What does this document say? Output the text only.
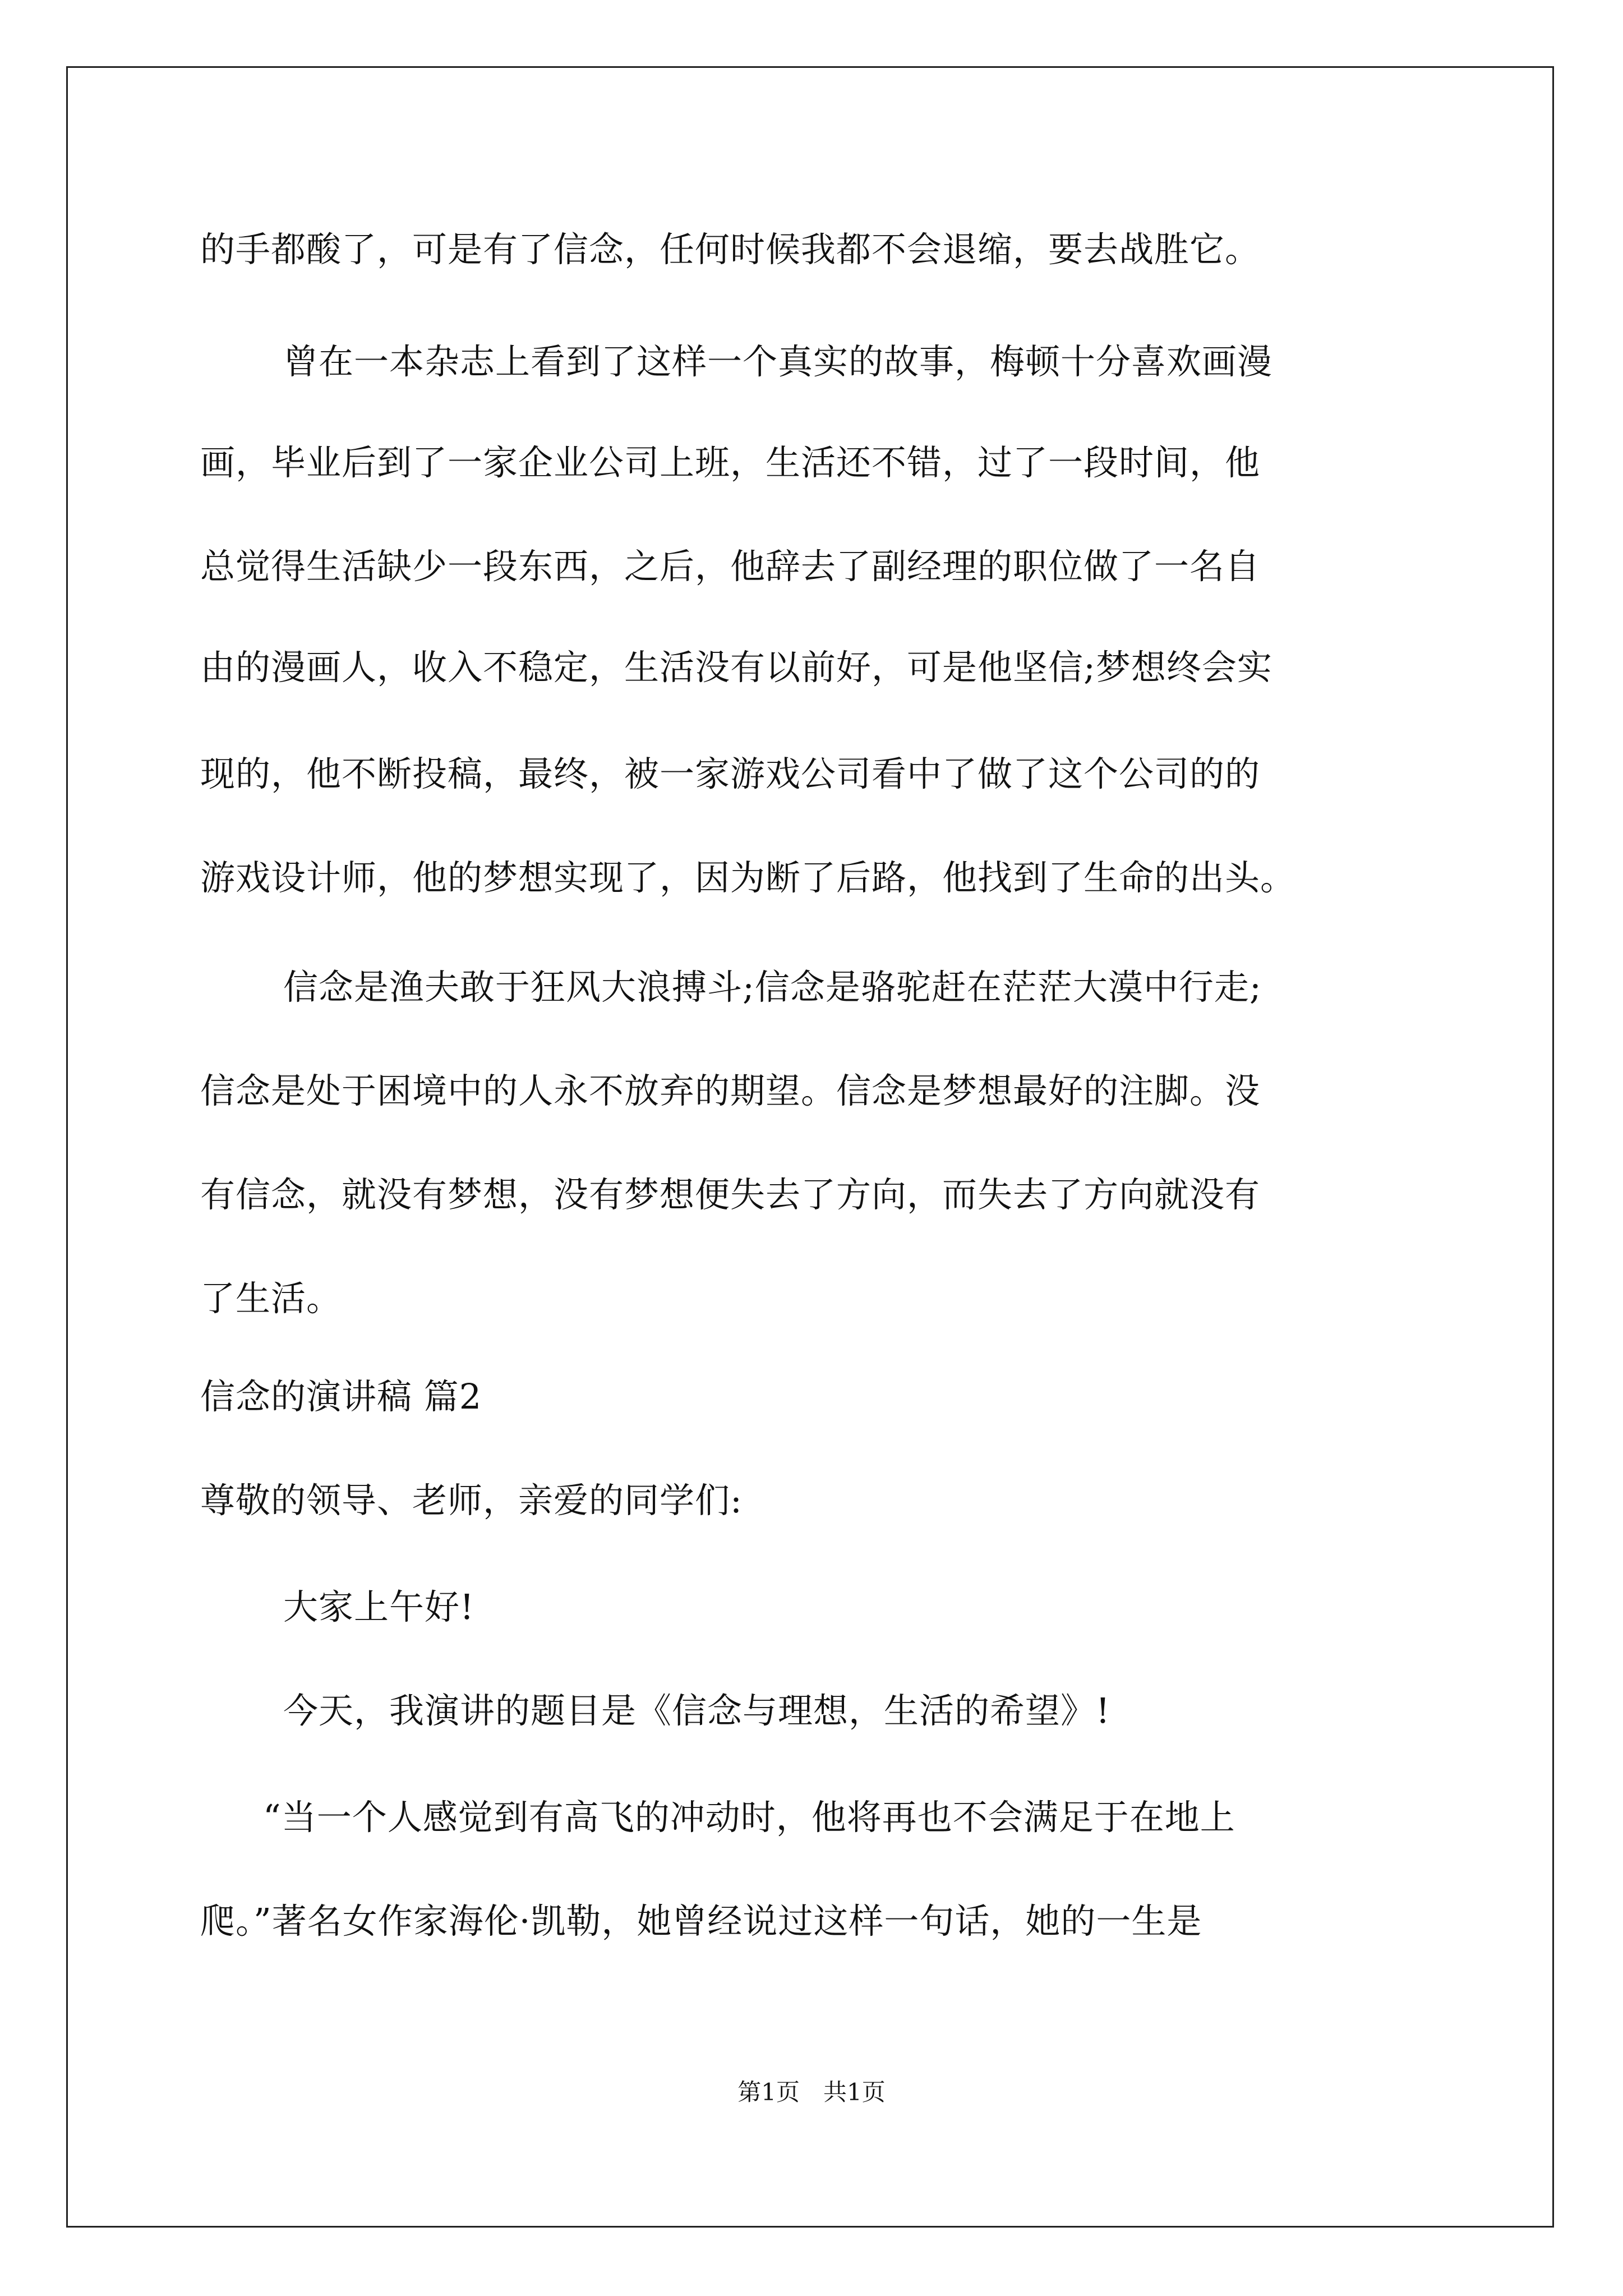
的手都酸了，可是有了信念，任何时候我都不会退缩，要去战胜它。
曾在一本杂志上看到了这样一个真实的故事，梅顿十分喜欢画漫
画，毕业后到了一家企业公司上班，生活还不错，过了一段时间，他
总觉得生活缺少一段东西，之后，他辞去了副经理的职位做了一名自
由的漫画人，收入不稳定，生活没有以前好，可是他坚信;梦想终会实
现的，他不断投稿，最终，被一家游戏公司看中了做了这个公司的的
游戏设计师，他的梦想实现了，因为断了后路，他找到了生命的出头。
信念是渔夫敢于狂风大浪搏斗;信念是骆驼赶在茫茫大漠中行走;
信念是处于困境中的人永不放弃的期望。信念是梦想最好的注脚。没
有信念，就没有梦想，没有梦想便失去了方向，而失去了方向就没有
了生活。
信念的演讲稿 篇2
尊敬的领导、老师，亲爱的同学们:
大家上午好!
今天，我演讲的题目是《信念与理想，生活的希望》!
“当一个人感觉到有高飞的冲动时，他将再也不会满足于在地上
爬。”著名女作家海伦·凯勒，她曾经说过这样一句话，她的一生是
第1页　共1页
